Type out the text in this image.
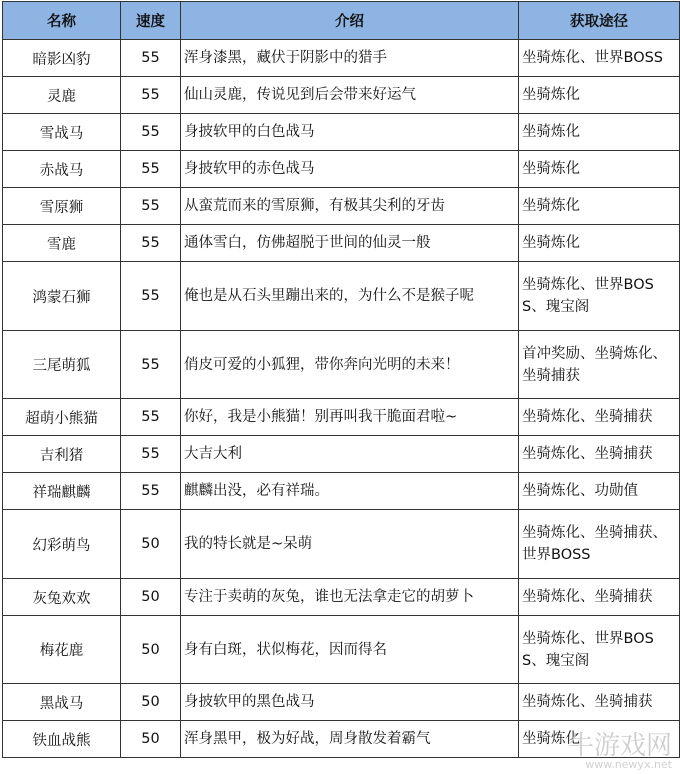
名称	速度	介绍	获取途径
暗影凶豹	55	浑身漆黑，藏伏于阴影中的猎手	坐骑炼化、世界BOSS
灵鹿	55	仙山灵鹿，传说见到后会带来好运气	坐骑炼化
雪战马	55	身披软甲的白色战马	坐骑炼化
赤战马	55	身披软甲的赤色战马	坐骑炼化
雪原狮	55	从蛮荒而来的雪原狮，有极其尖利的牙齿	坐骑炼化
雪鹿	55	通体雪白，仿佛超脱于世间的仙灵一般	坐骑炼化
鸿蒙石狮	55	俺也是从石头里蹦出来的，为什么不是猴子呢	坐骑炼化、世界BOSS、瑰宝阁
三尾萌狐	55	俏皮可爱的小狐狸，带你奔向光明的未来！	首冲奖励、坐骑炼化、坐骑捕获
超萌小熊猫	55	你好，我是小熊猫！别再叫我干脆面君啦~	坐骑炼化、坐骑捕获
吉利猪	55	大吉大利	坐骑炼化、坐骑捕获
祥瑞麒麟	55	麒麟出没，必有祥瑞。	坐骑炼化、功勋值
幻彩萌鸟	50	我的特长就是~呆萌	坐骑炼化、坐骑捕获、世界BOSS
灰兔欢欢	50	专注于卖萌的灰兔，谁也无法拿走它的胡萝卜	坐骑炼化、坐骑捕获
梅花鹿	50	身有白斑，状似梅花，因而得名	坐骑炼化、世界BOSS、瑰宝阁
黑战马	50	身披软甲的黑色战马	坐骑炼化、坐骑捕获
铁血战熊	50	浑身黑甲，极为好战，周身散发着霸气	坐骑炼化
牛游戏网
www.newyx.net
